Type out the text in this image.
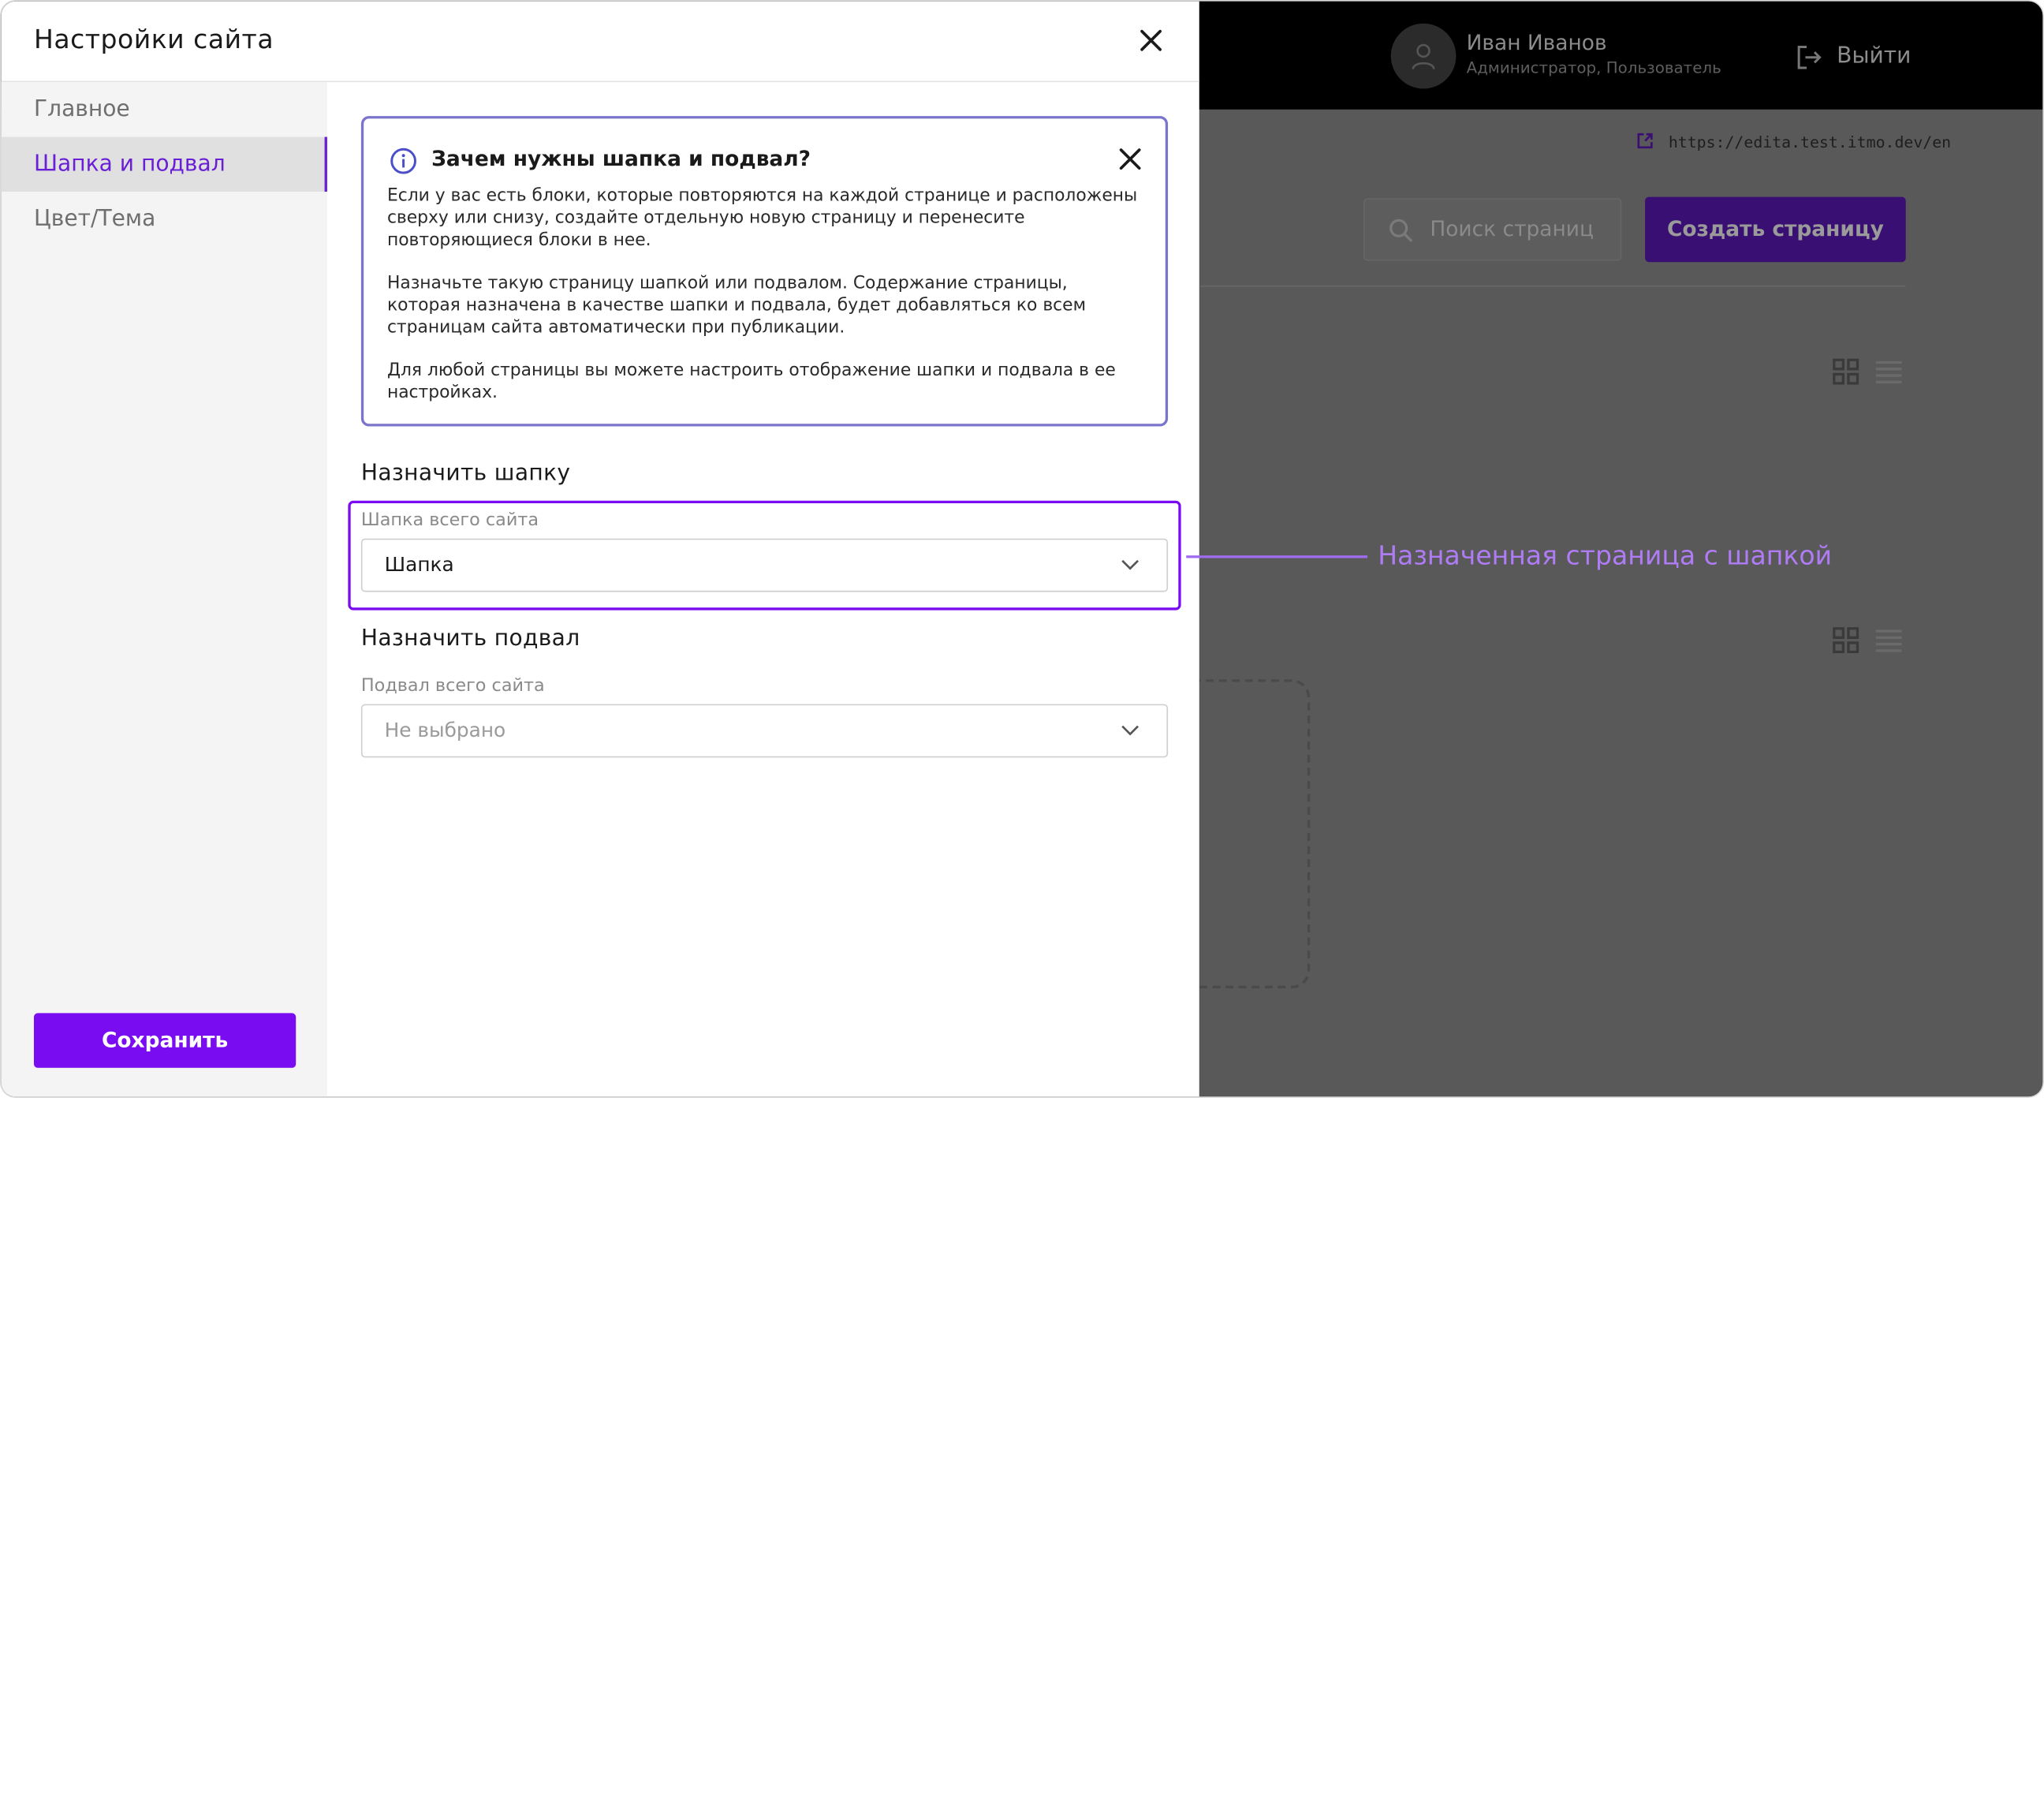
Иван Иванов
Администратор, Пользователь	Выйти
https://edita.test.itmo.dev/en
Поиск страниц	Создать страницу
Настройки сайта
Главное
Шапка и подвал
Цвет/Тема
Сохранить
Зачем нужны шапка и подвал?

Если у вас есть блоки, которые повторяются на каждой странице и расположены сверху или снизу, создайте отдельную новую страницу и перенесите повторяющиеся блоки в нее.

Назначьте такую страницу шапкой или подвалом. Содержание страницы, которая назначена в качестве шапки и подвала, будет добавляться ко всем страницам сайта автоматически при публикации.

Для любой страницы вы можете настроить отображение шапки и подвала в ее настройках.

Назначить шапку
Шапка всего сайта
Шапка
Назначить подвал
Подвал всего сайта
Не выбрано
Назначенная страница с шапкой
